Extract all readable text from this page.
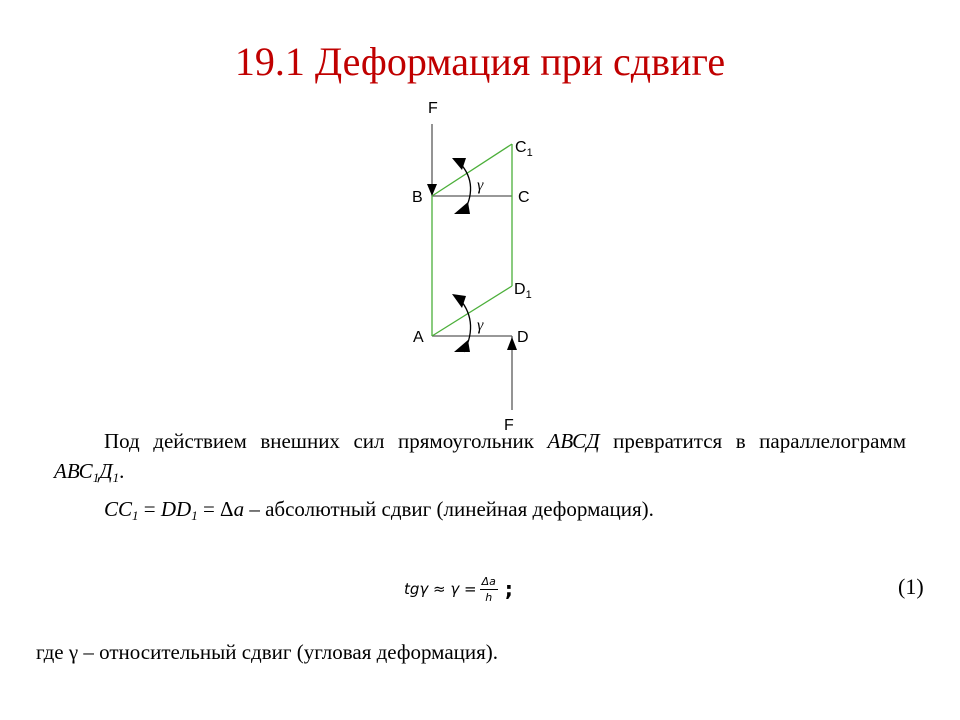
19.1 Деформация при сдвиге
F
F
B	C
$C_1$
A	D
$D_1$
γ
γ
Под действием внешних сил прямоугольник АВСД превратится в параллелограмм $АВС_1Д_1$.
$СС_1 = DD_1 = \Delta a$ – абсолютный сдвиг (линейная деформация).
$tg\gamma \approx \gamma = \frac{\Delta a}{h}$ ;	(1)
где γ – относительный сдвиг (угловая деформация).
